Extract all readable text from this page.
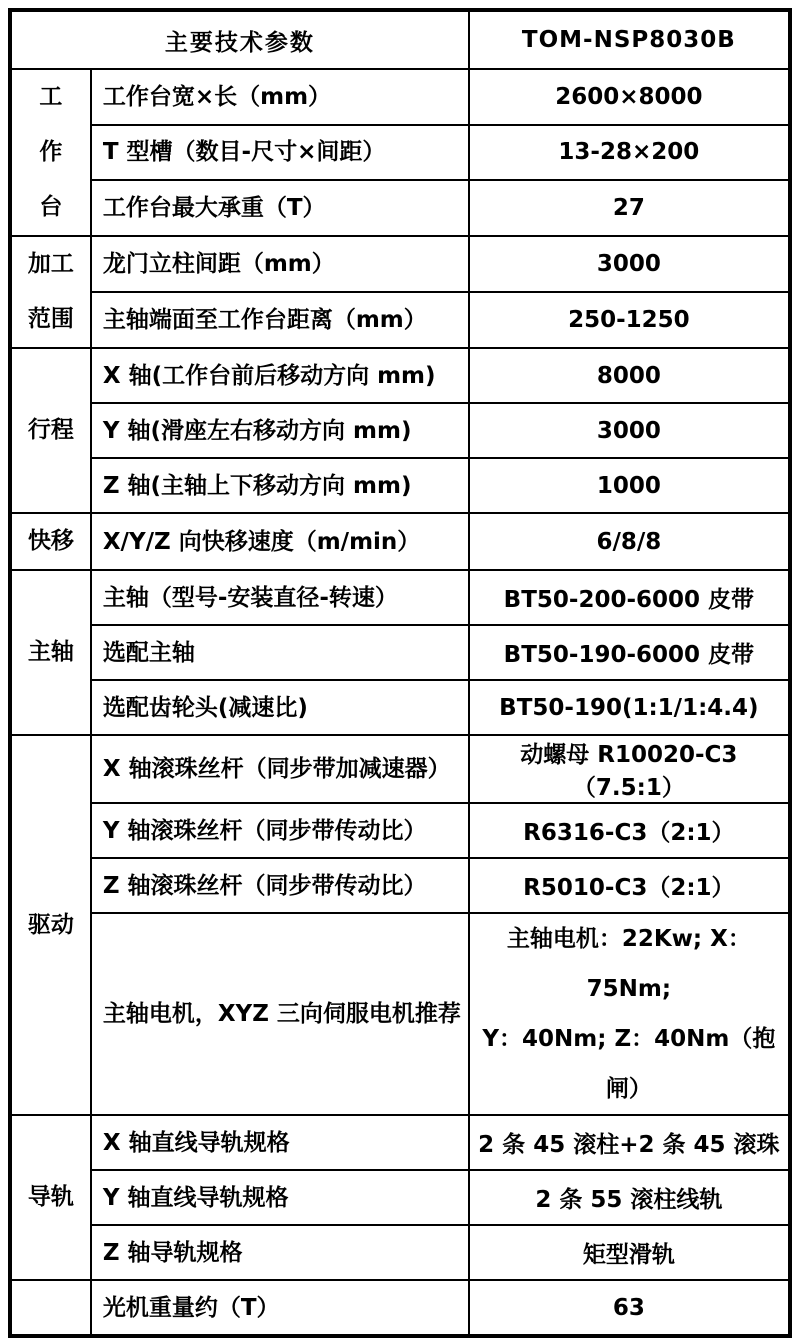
主要技术参数		TOM-NSP8030B

工
作
台	工作台宽×长（mm）	2600×8000
	T 型槽（数目-尺寸×间距）	13-28×200
	工作台最大承重（T）	27

加工
范围	龙门立柱间距（mm）	3000
	主轴端面至工作台距离（mm）	250-1250

行程	X 轴(工作台前后移动方向 mm)	8000
	Y 轴(滑座左右移动方向 mm)	3000
	Z 轴(主轴上下移动方向 mm)	1000

快移	X/Y/Z 向快移速度（m/min）	6/8/8

主轴	主轴（型号-安装直径-转速）	BT50-200-6000 皮带
	选配主轴	BT50-190-6000 皮带
	选配齿轮头(减速比)	BT50-190(1:1/1:4.4)

驱动	X 轴滚珠丝杆（同步带加减速器）	动螺母 R10020-C3（7.5:1）
	Y 轴滚珠丝杆（同步带传动比）	R6316-C3（2:1）
	Z 轴滚珠丝杆（同步带传动比）	R5010-C3（2:1）
	主轴电机，XYZ 三向伺服电机推荐	主轴电机：22Kw; X：75Nm;
Y：40Nm; Z：40Nm（抱闸）

导轨	X 轴直线导轨规格	2 条 45 滚柱+2 条 45 滚珠
	Y 轴直线导轨规格	2 条 55 滚柱线轨
	Z 轴导轨规格	矩型滑轨
	光机重量约（T）	63
